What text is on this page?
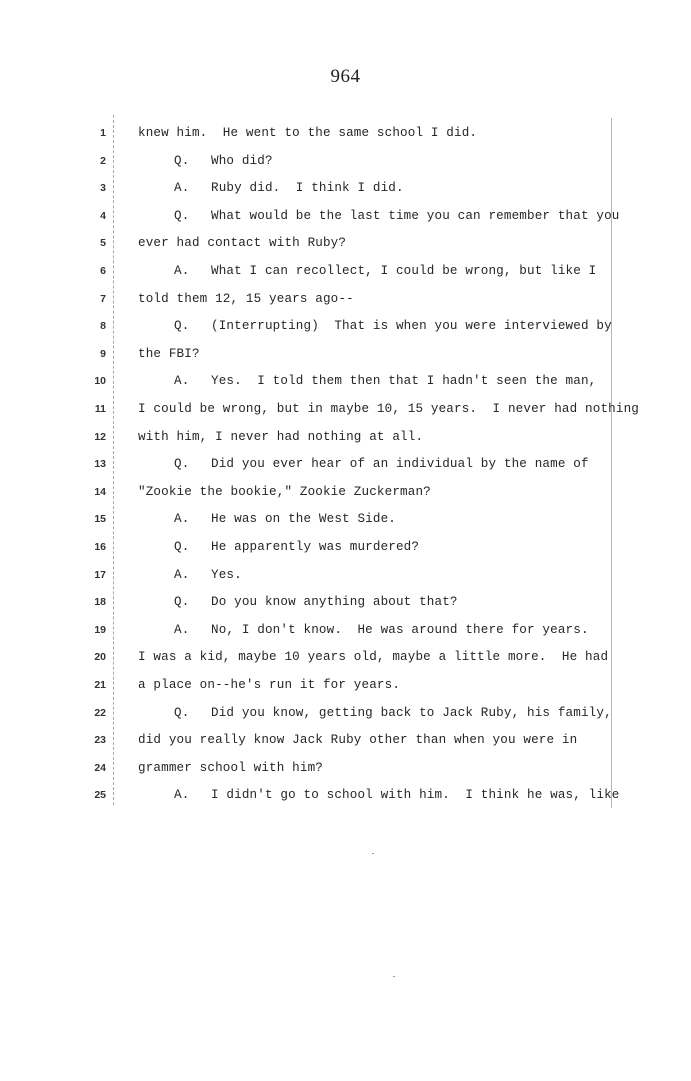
964
1	knew him.  He went to the same school I did.
2	Q. Who did?
3	A. Ruby did.  I think I did.
4	Q. What would be the last time you can remember that you
5	ever had contact with Ruby?
6	A. What I can recollect, I could be wrong, but like I
7	told them 12, 15 years ago--
8	Q. (Interrupting)  That is when you were interviewed by
9	the FBI?
10	A. Yes.  I told them then that I hadn't seen the man,
11	I could be wrong, but in maybe 10, 15 years.  I never had nothing
12	with him, I never had nothing at all.
13	Q. Did you ever hear of an individual by the name of
14	"Zookie the bookie," Zookie Zuckerman?
15	A. He was on the West Side.
16	Q. He apparently was murdered?
17	A. Yes.
18	Q. Do you know anything about that?
19	A. No, I don't know.  He was around there for years.
20	I was a kid, maybe 10 years old, maybe a little more.  He had
21	a place on--he's run it for years.
22	Q. Did you know, getting back to Jack Ruby, his family,
23	did you really know Jack Ruby other than when you were in
24	grammer school with him?
25	A. I didn't go to school with him.  I think he was, like
